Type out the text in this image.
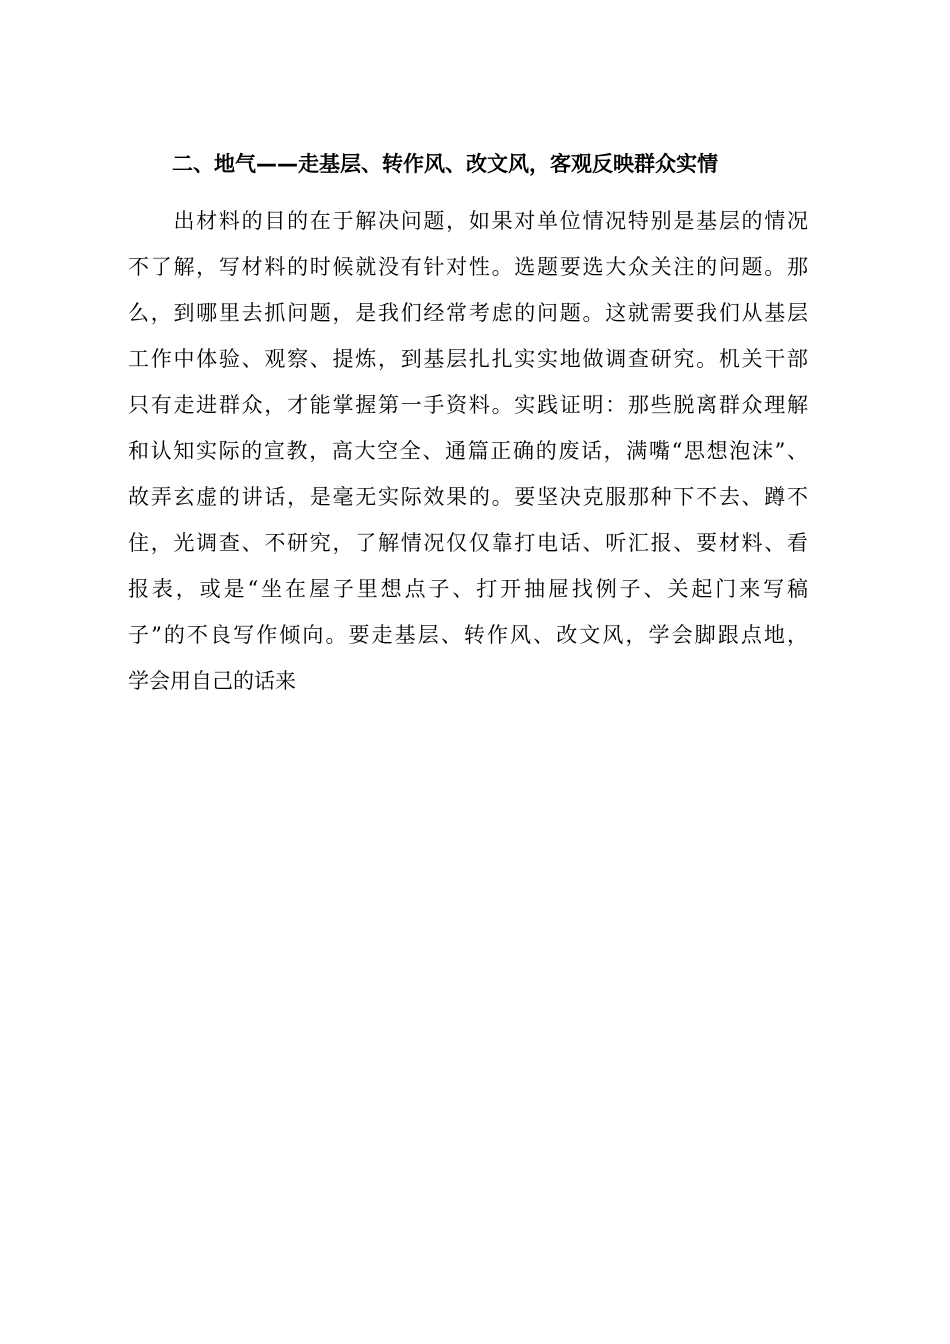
二、地气——走基层、转作风、改文风，客观反映群众实情
　　出材料的目的在于解决问题，如果对单位情况特别是基层的情况
不了解，写材料的时候就没有针对性。选题要选大众关注的问题。那
么，到哪里去抓问题，是我们经常考虑的问题。这就需要我们从基层
工作中体验、观察、提炼，到基层扎扎实实地做调查研究。机关干部
只有走进群众，才能掌握第一手资料。实践证明：那些脱离群众理解
和认知实际的宣教，高大空全、通篇正确的废话，满嘴“思想泡沫”、
故弄玄虚的讲话，是毫无实际效果的。要坚决克服那种下不去、蹲不
住，光调查、不研究，了解情况仅仅靠打电话、听汇报、要材料、看
报表，或是“坐在屋子里想点子、打开抽屉找例子、关起门来写稿
子”的不良写作倾向。要走基层、转作风、改文风，学会脚跟点地，
学会用自己的话来
